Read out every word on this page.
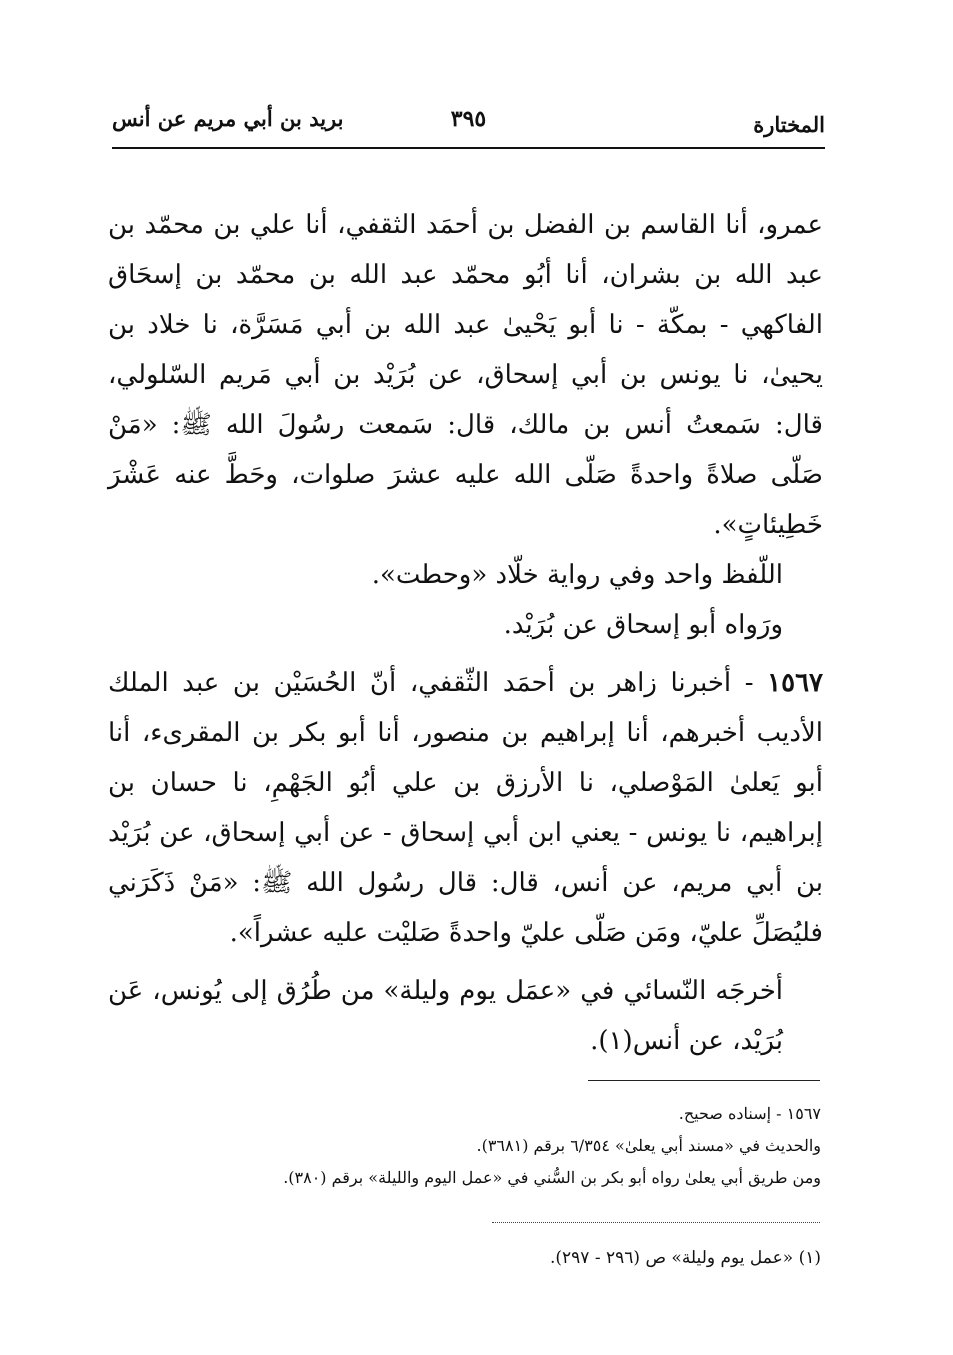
المختارة
٣٩٥
بريد بن أبي مريم عن أنس

عمرو، أنا القاسم بن الفضل بن أحمَد الثقفي، أنا علي بن محمّد بن عبد الله بن بشران، أنا أبُو محمّد عبد الله بن محمّد بن إسحَاق الفاكهي - بمكّة - نا أبو يَحْيىٰ عبد الله بن أبي مَسَرَّة، نا خلاد بن يحيىٰ، نا يونس بن أبي إسحاق، عن بُرَيْد بن أبي مَريم السّلولي، قال: سَمعتُ أنس بن مالك، قال: سَمعت رسُولَ الله ﷺ: «مَنْ صَلّى صلاةً واحدةً صَلّى الله عليه عشرَ صلوات، وحَطَّ عنه عَشْرَ خَطِيئاتٍ».

اللّفظ واحد وفي رواية خلّاد «وحطت».

ورَواه أبو إسحاق عن بُرَيْد.

١٥٦٧ - أخبرنا زاهر بن أحمَد الثّقفي، أنّ الحُسَيْن بن عبد الملك الأديب أخبرهم، أنا إبراهيم بن منصور، أنا أبو بكر بن المقرىء، أنا أبو يَعلىٰ المَوْصلي، نا الأرزق بن علي أبُو الجَهْمِ، نا حسان بن إبراهيم، نا يونس - يعني ابن أبي إسحاق - عن أبي إسحاق، عن بُرَيْد بن أبي مريم، عن أنس، قال: قال رسُول الله ﷺ: «مَنْ ذَكَرَني فليُصَلِّ عليّ، ومَن صَلّى عليّ واحدةً صَليْت عليه عشراً».

أخرجَه النّسائي في «عمَل يوم وليلة» من طُرُق إلى يُونس، عَن بُرَيْد، عن أنس(١).

١٥٦٧ - إسناده صحيح.

والحديث في «مسند أبي يعلىٰ» ٦/٣٥٤ برقم (٣٦٨١).

ومن طريق أبي يعلىٰ رواه أبو بكر بن السُّني في «عمل اليوم والليلة» برقم (٣٨٠).

(١) «عمل يوم وليلة» ص (٢٩٦ - ٢٩٧).
